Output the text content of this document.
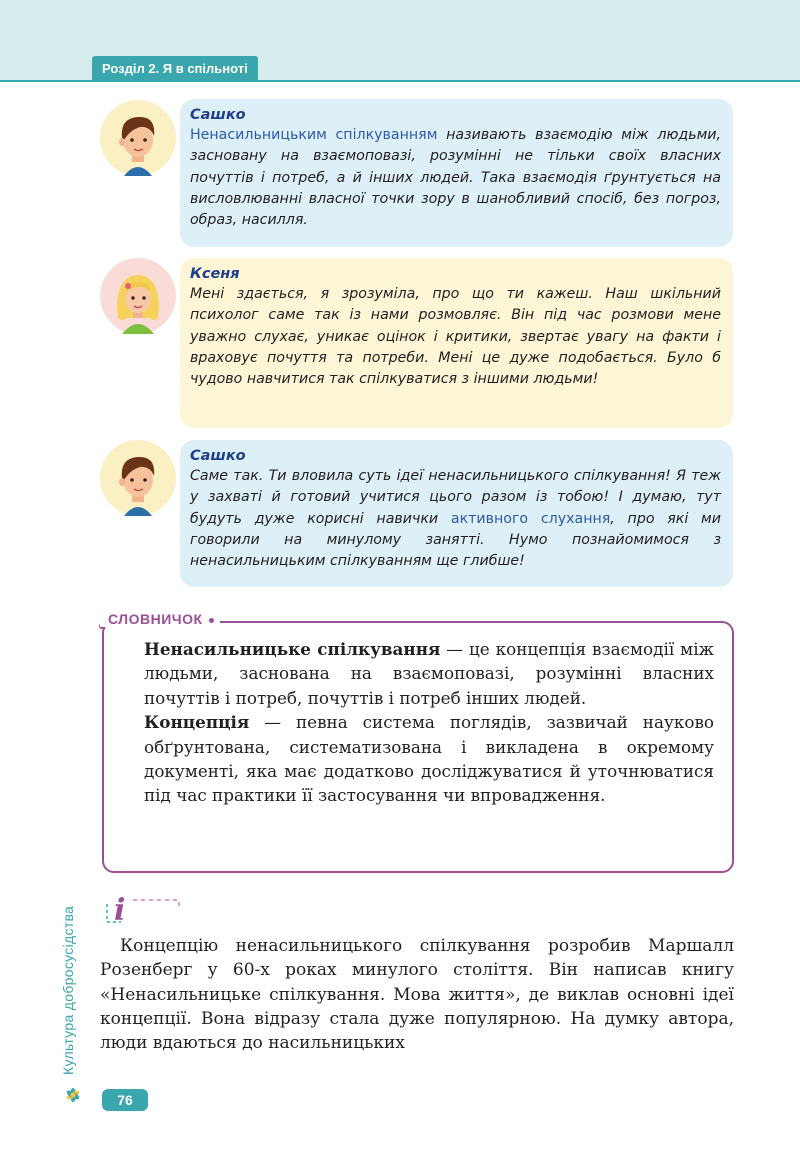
Розділ 2. Я в спільноті
Сашко

Ненасильницьким спілкуванням називають взаємодію між людьми, засновану на взаємоповазі, розумінні не тільки своїх власних почуттів і потреб, а й інших людей. Така взаємодія ґрунтується на висловлюванні власної точки зору в шанобливий спосіб, без погроз, образ, насилля.

Ксеня

Мені здається, я зрозуміла, про що ти кажеш. Наш шкільний психолог саме так із нами розмовляє. Він під час розмови мене уважно слухає, уникає оцінок і критики, звертає увагу на факти і враховує почуття та потреби. Мені це дуже подобається. Було б чудово навчитися так спілкуватися з іншими людьми!

Сашко

Саме так. Ти вловила суть ідеї ненасильницького спілкування! Я теж у захваті й готовий учитися цього разом із тобою! І думаю, тут будуть дуже корисні навички активного слухання, про які ми говорили на минулому занятті. Нумо познайомимося з ненасильницьким спілкуванням ще глибше!

Ненасильницьке спілкування — це концепція взаємодії між людьми, заснована на взаємоповазі, розумінні власних почуттів і потреб, почуттів і потреб інших людей.

Концепція — певна система поглядів, зазвичай науково обґрунтована, систематизована і викладена в окремому документі, яка має додатково досліджуватися й уточнюватися під час практики її застосування чи впровадження.

СЛОВНИЧОК
i

Концепцію ненасильницького спілкування розробив Маршалл Розенберг у 60-х роках минулого століття. Він написав книгу «Ненасильницьке спілкування. Мова життя», де виклав основні ідеї концепції. Вона відразу стала дуже популярною. На думку автора, люди вдаються до насильницьких

Культура добросусідства
76
